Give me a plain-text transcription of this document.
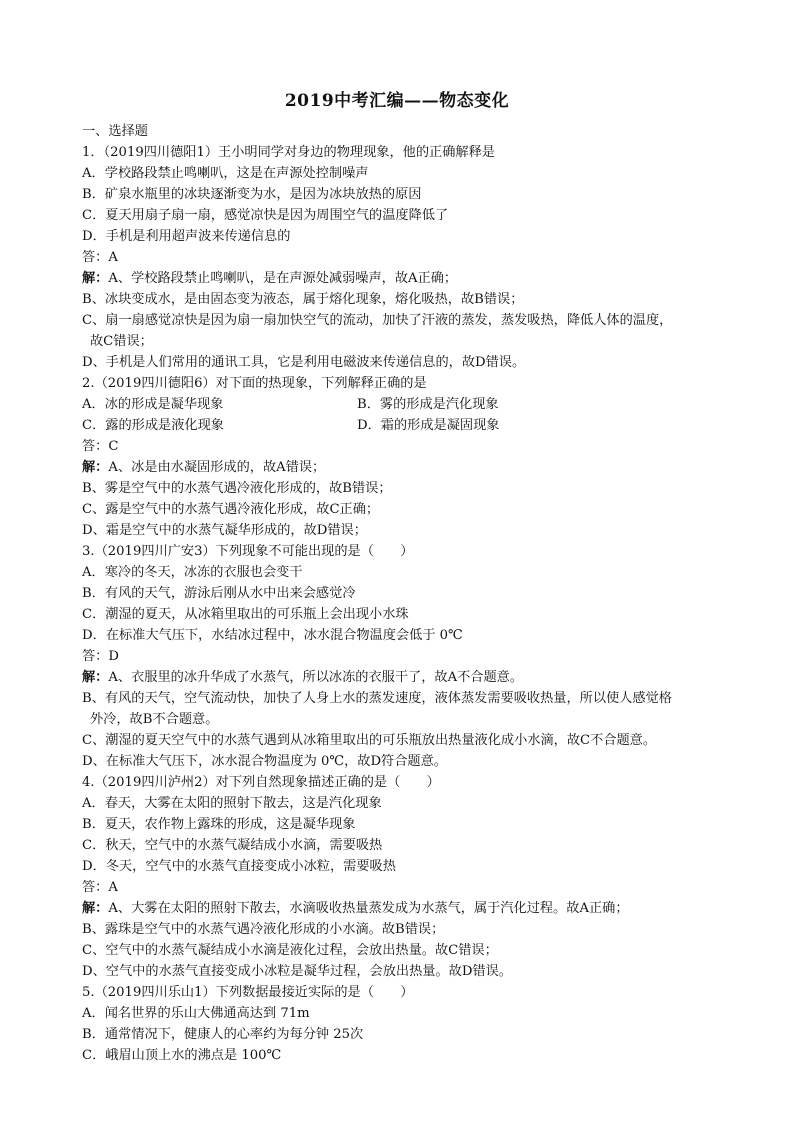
2019中考汇编——物态变化
一、选择题
1．（2019四川德阳1）王小明同学对身边的物理现象，他的正确解释是
A．学校路段禁止鸣喇叭，这是在声源处控制噪声
B．矿泉水瓶里的冰块逐渐变为水，是因为冰块放热的原因
C．夏天用扇子扇一扇，感觉凉快是因为周围空气的温度降低了
D．手机是利用超声波来传递信息的
答：A
解：A、学校路段禁止鸣喇叭，是在声源处减弱噪声，故A正确；
B、冰块变成水，是由固态变为液态，属于熔化现象，熔化吸热，故B错误；
C、扇一扇感觉凉快是因为扇一扇加快空气的流动，加快了汗液的蒸发，蒸发吸热，降低人体的温度，
故C错误；
D、手机是人们常用的通讯工具，它是利用电磁波来传递信息的，故D错误。
2.（2019四川德阳6）对下面的热现象，下列解释正确的是
A．冰的形成是凝华现象	B．雾的形成是汽化现象
C．露的形成是液化现象	D．霜的形成是凝固现象
答：C
解：A、冰是由水凝固形成的，故A错误；
B、雾是空气中的水蒸气遇冷液化形成的，故B错误；
C、露是空气中的水蒸气遇冷液化形成，故C正确；
D、霜是空气中的水蒸气凝华形成的，故D错误；
3.（2019四川广安3）下列现象不可能出现的是（　　）
A．寒冷的冬天，冰冻的衣服也会变干
B．有风的天气，游泳后刚从水中出来会感觉冷
C．潮湿的夏天，从冰箱里取出的可乐瓶上会出现小水珠
D．在标准大气压下，水结冰过程中，冰水混合物温度会低于 0℃
答：D
解：A、衣服里的冰升华成了水蒸气，所以冰冻的衣服干了，故A不合题意。
B、有风的天气，空气流动快，加快了人身上水的蒸发速度，液体蒸发需要吸收热量，所以使人感觉格
外冷，故B不合题意。
C、潮湿的夏天空气中的水蒸气遇到从冰箱里取出的可乐瓶放出热量液化成小水滴，故C不合题意。
D、在标准大气压下，冰水混合物温度为 0℃，故D符合题意。
4.（2019四川泸州2）对下列自然现象描述正确的是（　　）
A．春天，大雾在太阳的照射下散去，这是汽化现象
B．夏天，农作物上露珠的形成，这是凝华现象
C．秋天，空气中的水蒸气凝结成小水滴，需要吸热
D．冬天，空气中的水蒸气直接变成小冰粒，需要吸热
答：A
解：A、大雾在太阳的照射下散去，水滴吸收热量蒸发成为水蒸气，属于汽化过程。故A正确；
B、露珠是空气中的水蒸气遇冷液化形成的小水滴。故B错误；
C、空气中的水蒸气凝结成小水滴是液化过程，会放出热量。故C错误；
D、空气中的水蒸气直接变成小冰粒是凝华过程，会放出热量。故D错误。
5.（2019四川乐山1）下列数据最接近实际的是（　　）
A．闻名世界的乐山大佛通高达到 71m
B．通常情况下，健康人的心率约为每分钟 25次
C．峨眉山顶上水的沸点是 100℃
